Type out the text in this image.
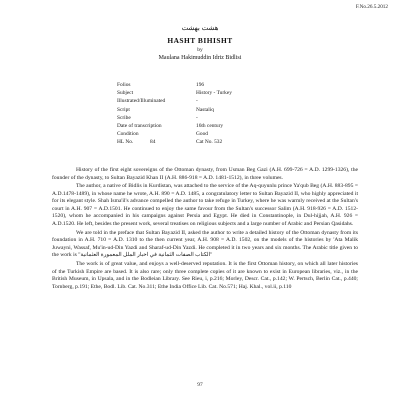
F.No.26.5.2012
هشت بهشت
HASHT BIHISHT
by
Maulana Hakimuddin Idriz Bidlisi
Folios	196
Subject	History - Turkey
Illustrated/Illuminated	-
Script	Nastaliq
Scribe	-
Date of transcription	16th century
Condition	Good
HL No.	84	Cat No. 532

History of the first eight sovereigns of the Ottoman dynasty, from Usman Beg Gazi (A.H. 699-726 = A.D. 1299-1326), the founder of the dynasty, to Sultan Bayazid Khan II (A.H. 886-918 = A.D. 1481-1512), in three volumes.

The author, a native of Bidlis in Kurdistan, was attached to the service of the Aq-quyunlu prince Ya'qub Beg (A.H. 883-895 = A.D.1478-1489), in whose name he wrote, A.H. 890 = A.D. 1485, a congratulatory letter to Sultan Bayazid II, who highly appreciated it for its elegant style. Shah Isma'il's advance compelled the author to take refuge in Turkey, where he was warmly received at the Sultan's court in A.H. 907 = A.D.1501. He continued to enjoy the same favour from the Sultan's successor Salim (A.H. 918-926 = A.D. 1512-1520), whom he accompanied in his campaigns against Persia and Egypt. He died in Constantinople, in Dul-hijjah, A.H. 926 = A.D.1520. He left, besides the present work, several treatises on religious subjects and a large number of Arabic and Persian Qasidahs.

We are told in the preface that Sultan Bayazid II, asked the author to write a detailed history of the Ottoman dynasty from its foundation in A.H. 710 = A.D. 1310 to the then current year, A.H. 908 = A.D. 1502, on the models of the histories by 'Ata Malik Juwayni, Wassaf, Mu'in-ud-Din Yazdi and Sharaf-ud-Din Yazdi. He completed it in two years and six months. The Arabic title given to the work is "الكتاب الصفات الثمانية في اخبار الملل المعمورة العثمانية"

The work is of great value, and enjoys a well-deserved reputation. It is the first Ottoman history, on which all later histories of the Turkish Empire are based. It is also rare; only three complete copies of it are known to exist in European libraries, viz., in the British Museum, in Upsala, and in the Bodleian Library. See Rieu, i, p.216; Morley, Descr. Cat., p.142; W. Pertsch, Berlin Cat., p.440; Tornberg, p.191; Ethe, Bodl. Lib. Cat. No.311; Ethe India Office Lib. Cat. No.571; Haj. Khal., vol.ii, p.110

97
